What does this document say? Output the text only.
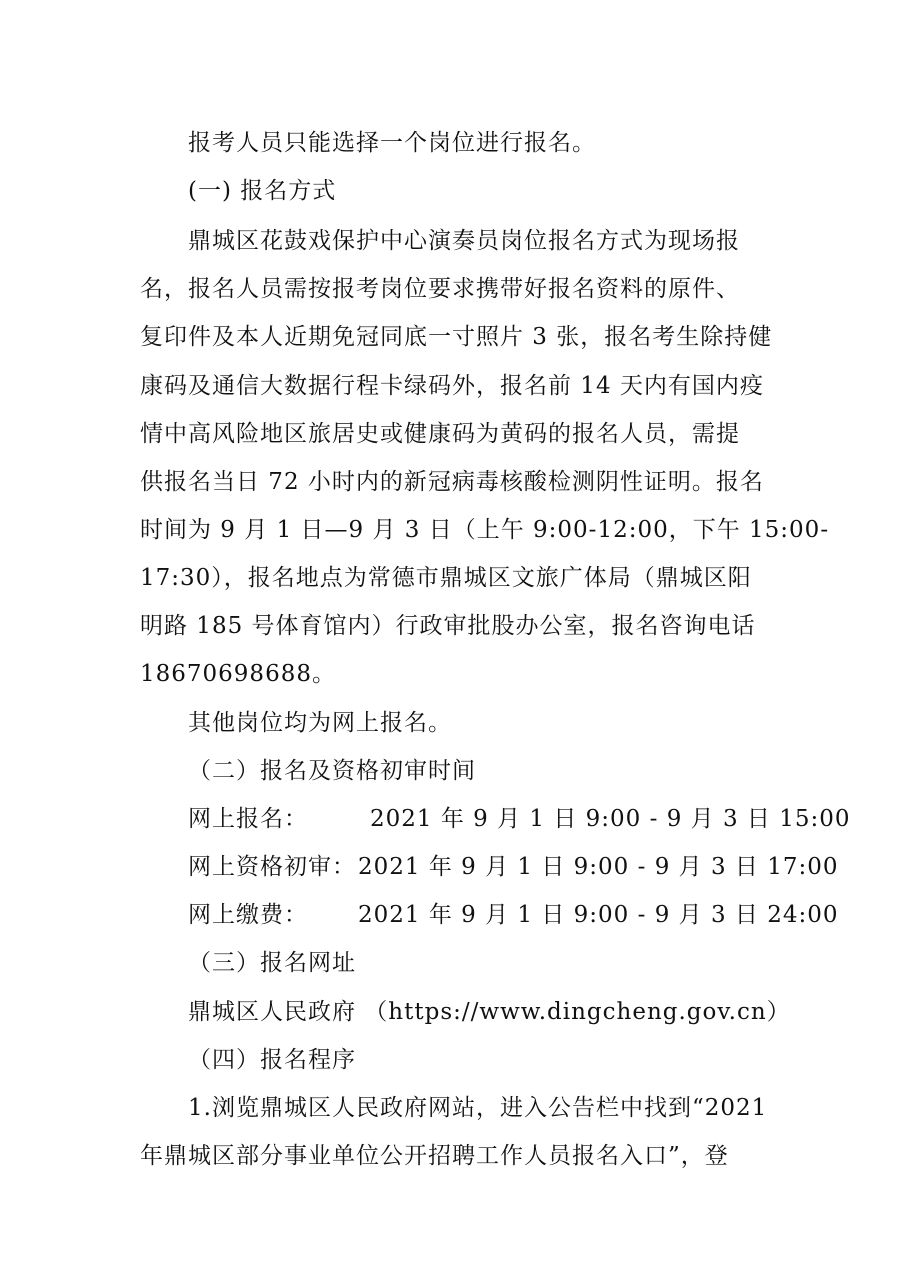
报考人员只能选择一个岗位进行报名。
(一) 报名方式
鼎城区花鼓戏保护中心演奏员岗位报名方式为现场报
名，报名人员需按报考岗位要求携带好报名资料的原件、
复印件及本人近期免冠同底一寸照片 3 张，报名考生除持健
康码及通信大数据行程卡绿码外，报名前 14 天内有国内疫
情中高风险地区旅居史或健康码为黄码的报名人员，需提
供报名当日 72 小时内的新冠病毒核酸检测阴性证明。报名
时间为 9 月 1 日—9 月 3 日（上午 9:00-12:00，下午 15:00-
17:30），报名地点为常德市鼎城区文旅广体局（鼎城区阳
明路 185 号体育馆内）行政审批股办公室，报名咨询电话
18670698688。
其他岗位均为网上报名。
（二）报名及资格初审时间
网上报名：	2021 年 9 月 1 日 9:00 - 9 月 3 日 15:00
网上资格初审： 2021 年 9 月 1 日 9:00 - 9 月 3 日 17:00
网上缴费： 2021 年 9 月 1 日 9:00 - 9 月 3 日 24:00
（三）报名网址
鼎城区人民政府 （https://www.dingcheng.gov.cn）
（四）报名程序
1.浏览鼎城区人民政府网站，进入公告栏中找到“2021
年鼎城区部分事业单位公开招聘工作人员报名入口”，登
